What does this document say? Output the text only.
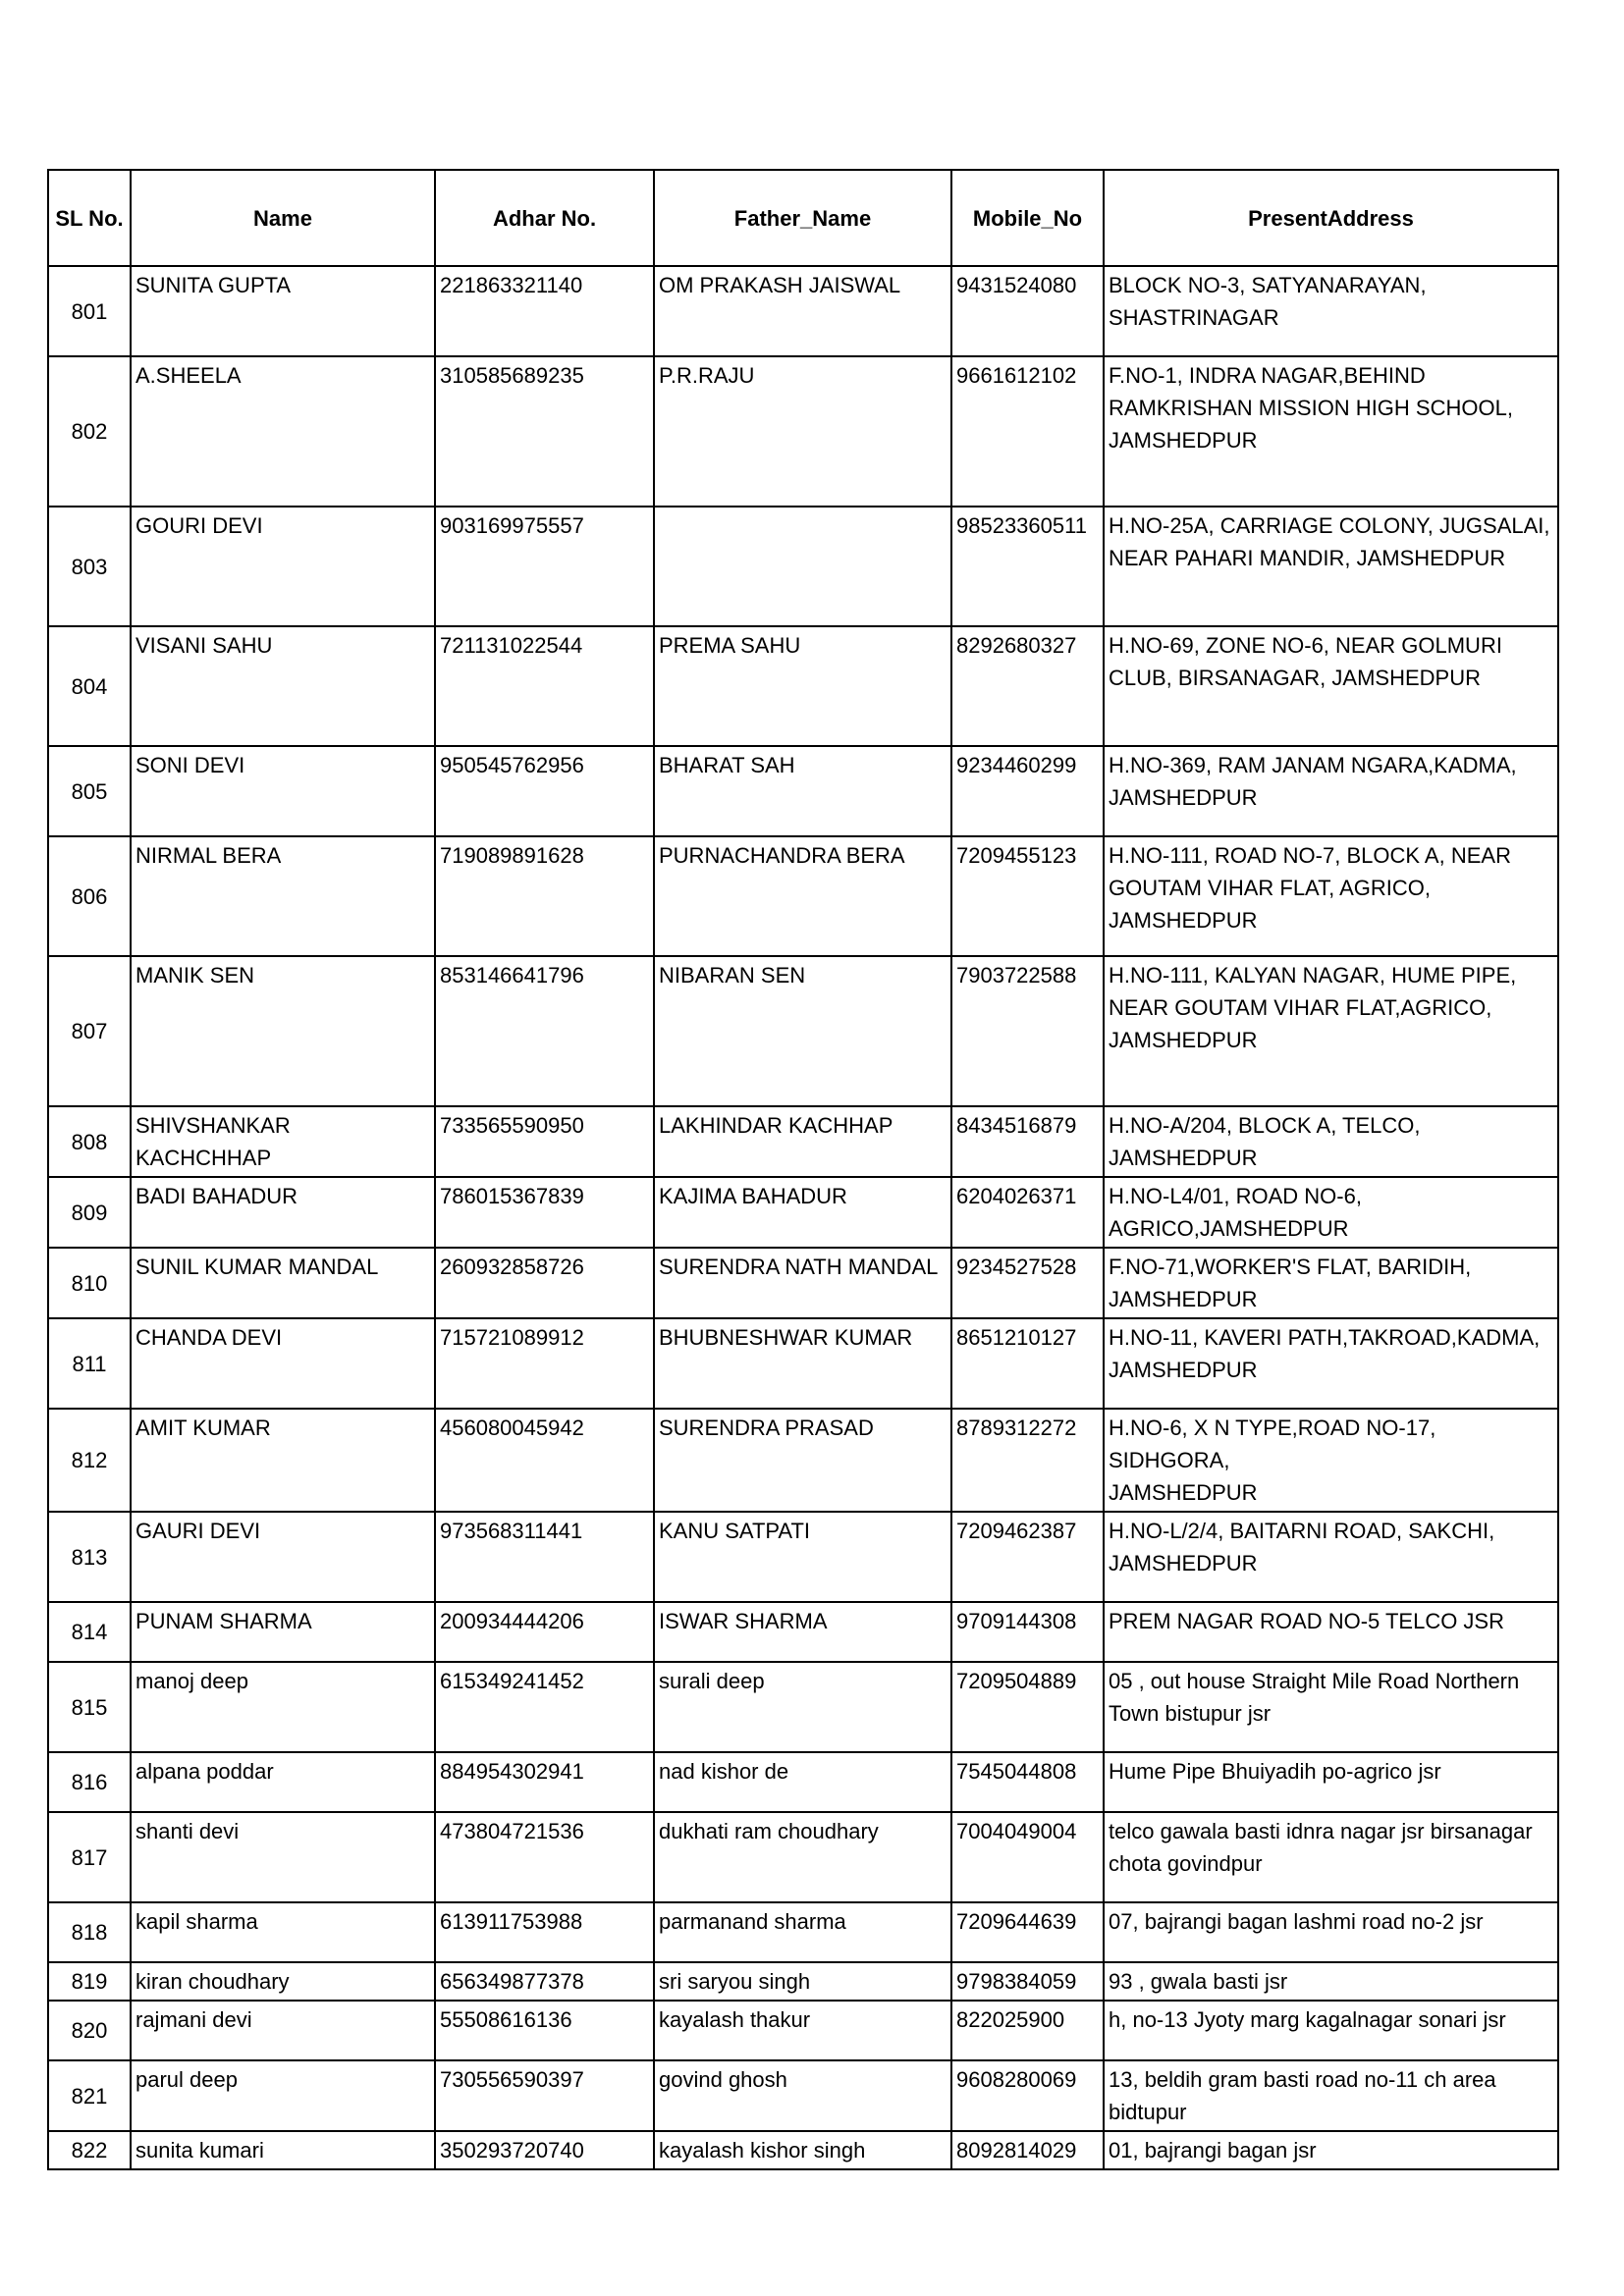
SL No.	Name	Adhar No.	Father_Name	Mobile_No	PresentAddress
801	SUNITA GUPTA	221863321140	OM PRAKASH JAISWAL	9431524080	BLOCK NO-3, SATYANARAYAN,
SHASTRINAGAR
802	A.SHEELA	310585689235	P.R.RAJU	9661612102	F.NO-1, INDRA NAGAR,BEHIND
RAMKRISHAN MISSION HIGH SCHOOL,
JAMSHEDPUR
803	GOURI DEVI	903169975557		98523360511	H.NO-25A, CARRIAGE COLONY, JUGSALAI,
NEAR PAHARI MANDIR, JAMSHEDPUR
804	VISANI SAHU	721131022544	PREMA SAHU	8292680327	H.NO-69, ZONE NO-6, NEAR GOLMURI
CLUB, BIRSANAGAR, JAMSHEDPUR
805	SONI DEVI	950545762956	BHARAT SAH	9234460299	H.NO-369, RAM JANAM NGARA,KADMA,
JAMSHEDPUR
806	NIRMAL BERA	719089891628	PURNACHANDRA BERA	7209455123	H.NO-111, ROAD NO-7, BLOCK A, NEAR
GOUTAM VIHAR FLAT, AGRICO,
JAMSHEDPUR
807	MANIK SEN	853146641796	NIBARAN SEN	7903722588	H.NO-111, KALYAN NAGAR, HUME PIPE,
NEAR GOUTAM VIHAR FLAT,AGRICO,
JAMSHEDPUR
808	SHIVSHANKAR KACHCHHAP	733565590950	LAKHINDAR KACHHAP	8434516879	H.NO-A/204, BLOCK A, TELCO,
JAMSHEDPUR
809	BADI BAHADUR	786015367839	KAJIMA BAHADUR	6204026371	H.NO-L4/01, ROAD NO-6,
AGRICO,JAMSHEDPUR
810	SUNIL KUMAR MANDAL	260932858726	SURENDRA NATH MANDAL	9234527528	F.NO-71,WORKER'S FLAT, BARIDIH,
JAMSHEDPUR
811	CHANDA DEVI	715721089912	BHUBNESHWAR KUMAR	8651210127	H.NO-11, KAVERI PATH,TAKROAD,KADMA,
JAMSHEDPUR
812	AMIT KUMAR	456080045942	SURENDRA PRASAD	8789312272	H.NO-6, X N TYPE,ROAD NO-17, SIDHGORA,
JAMSHEDPUR
813	GAURI DEVI	973568311441	KANU SATPATI	7209462387	H.NO-L/2/4, BAITARNI ROAD, SAKCHI,
JAMSHEDPUR
814	PUNAM SHARMA	200934444206	ISWAR SHARMA	9709144308	PREM NAGAR ROAD NO-5 TELCO JSR
815	manoj deep	615349241452	surali deep	7209504889	05 , out house Straight Mile Road Northern
Town bistupur jsr
816	alpana poddar	884954302941	nad kishor de	7545044808	Hume Pipe Bhuiyadih po-agrico jsr
817	shanti devi	473804721536	dukhati ram choudhary	7004049004	telco gawala basti idnra nagar jsr birsanagar
chota govindpur
818	kapil sharma	613911753988	parmanand sharma	7209644639	07, bajrangi bagan lashmi road no-2 jsr
819	kiran choudhary	656349877378	sri saryou singh	9798384059	93 , gwala basti jsr
820	rajmani devi	55508616136	kayalash thakur	822025900	h, no-13 Jyoty marg kagalnagar sonari jsr
821	parul deep	730556590397	govind ghosh	9608280069	13, beldih gram basti road no-11 ch area
bidtupur
822	sunita kumari	350293720740	kayalash kishor singh	8092814029	01, bajrangi bagan jsr
